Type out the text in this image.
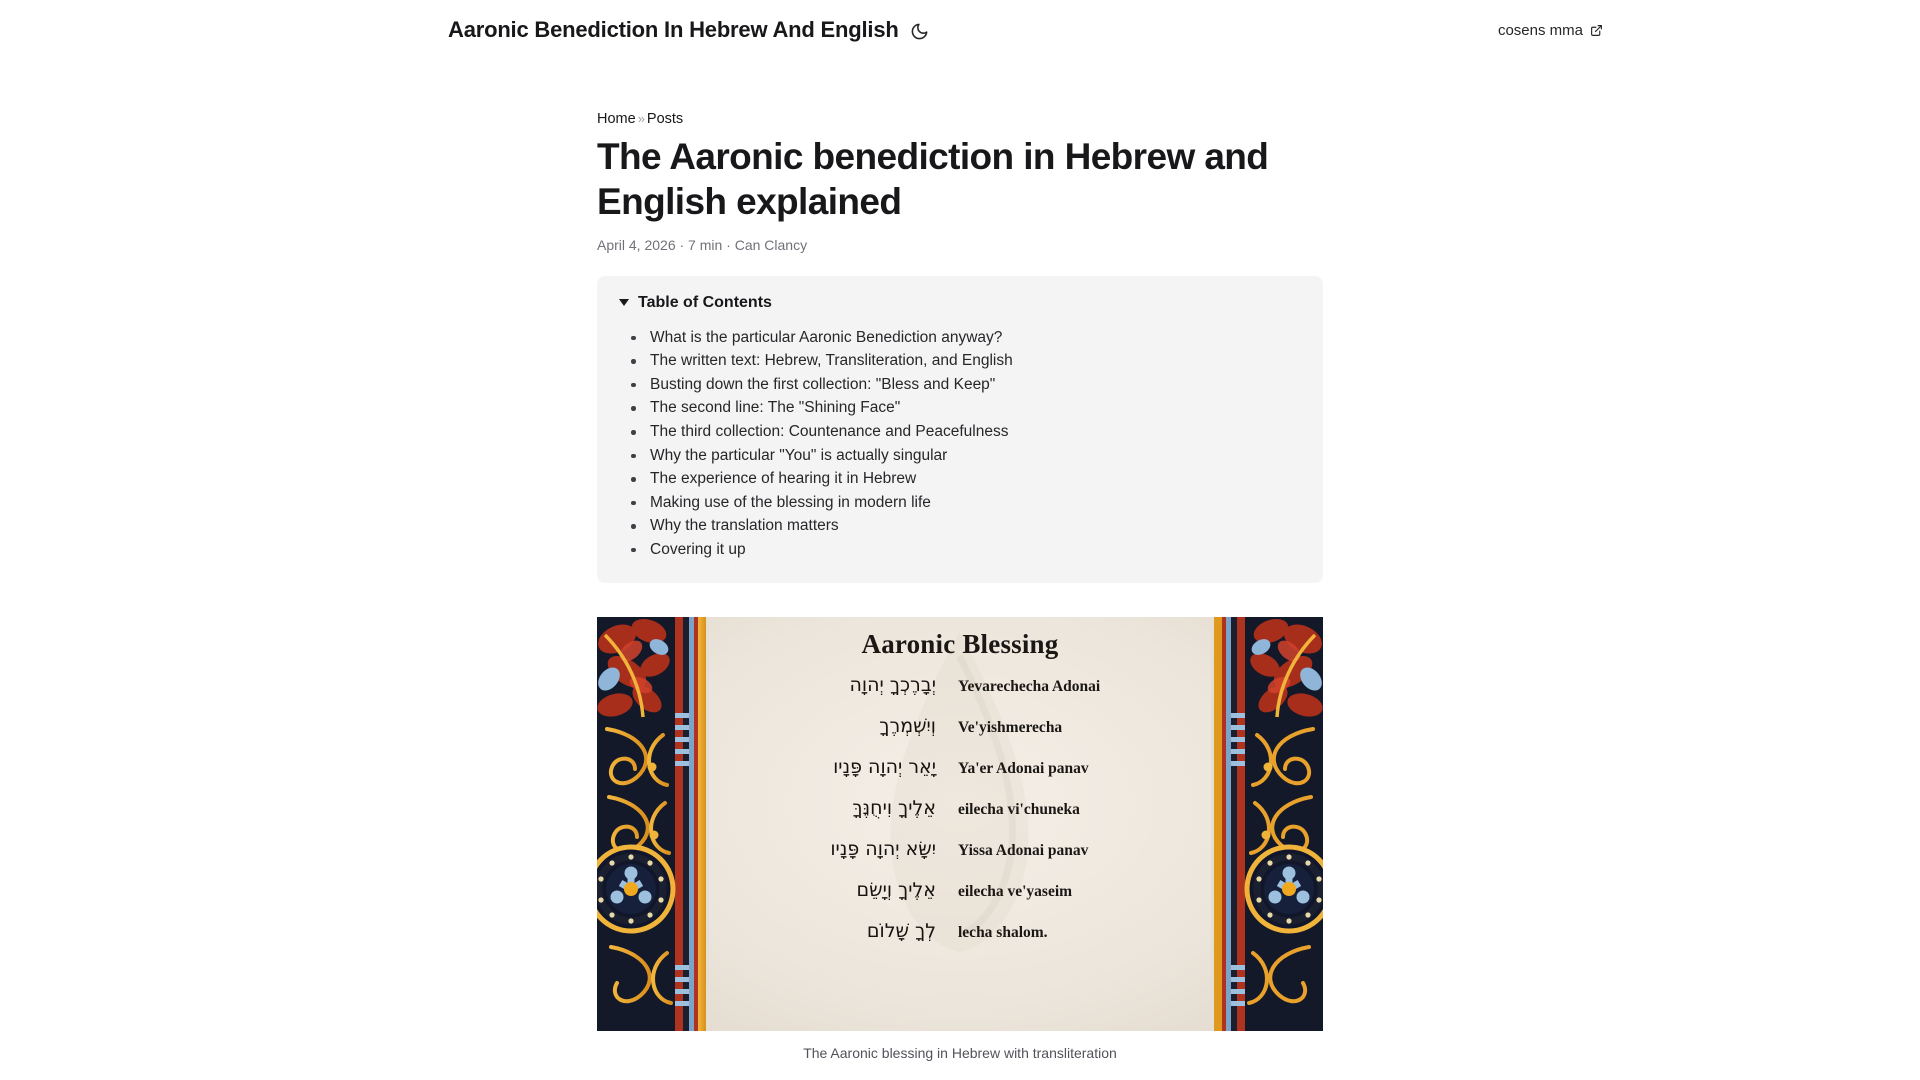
Aaronic Benediction In Hebrew And English	cosens mma
Home » Posts
The Aaronic benediction in Hebrew and English explained
April 4, 2026 · 7 min · Can Clancy
Table of Contents
What is the particular Aaronic Benediction anyway?
The written text: Hebrew, Transliteration, and English
Busting down the first collection: "Bless and Keep"
The second line: The "Shining Face"
The third collection: Countenance and Peacefulness
Why the particular "You" is actually singular
The experience of hearing it in Hebrew
Making use of the blessing in modern life
Why the translation matters
Covering it up
Aaronic Blessing
יְבָרֶכְךָ יְהוָה	Yevarechecha Adonai
וְיִשְׁמְרֶךָ	Ve'yishmerecha
יָאֵר יְהוָה פָּנָיו	Ya'er Adonai panav
אֵלֶיךָ וִיחֻנֶּךָּ	eilecha vi'chuneka
יִשָּׂא יְהוָה פָּנָיו	Yissa Adonai panav
אֵלֶיךָ וְיָשֵׂם	eilecha ve'yaseim
לְךָ שָׁלוֹם	lecha shalom.
The Aaronic blessing in Hebrew with transliteration
